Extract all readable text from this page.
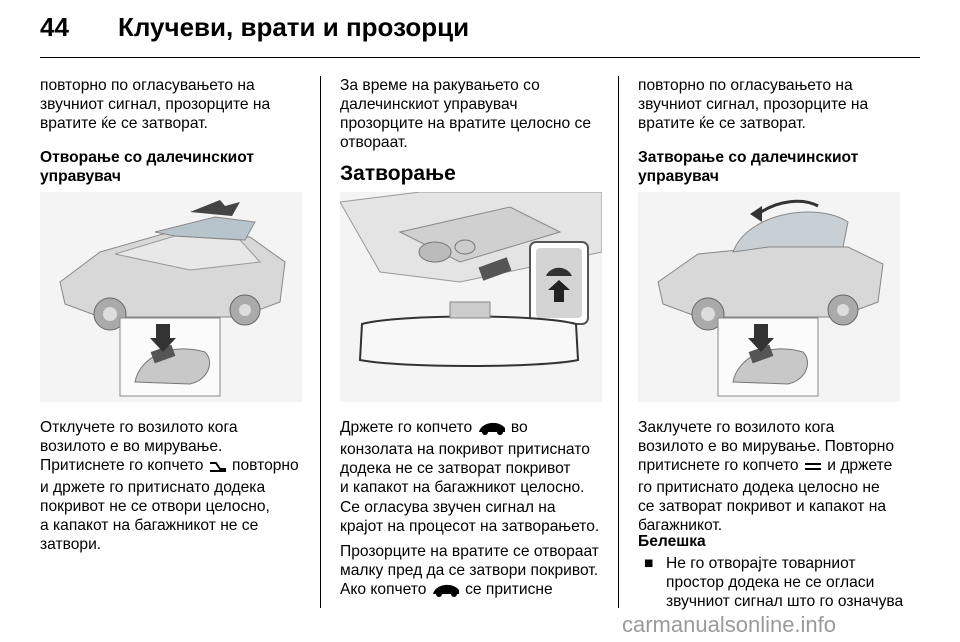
44 Клучеви, врати и прозорци

повторно по огласувањето на
звучниот сигнал, прозорците на
вратите ќе се затворат.

Отворање со далечинскиот
управувач

Отклучете го возилото кога
возилото е во мирување.
Притиснете го копчето  повторно
и држете го притиснато додека
покривот не се отвори целосно,
а капакот на багажникот не се
затвори.

За време на ракувањето со
далечинскиот управувач
прозорците на вратите целосно се
отвораат.

Затворање

Држете го копчето  во
конзолата на покривот притиснато
додека не се затворат покривот
и капакот на багажникот целосно.

Се огласува звучен сигнал на
крајот на процесот на затворањето.

Прозорците на вратите се отвораат
малку пред да се затвори покривот.
Ако копчето  се притисне

повторно по огласувањето на
звучниот сигнал, прозорците на
вратите ќе се затворат.

Затворање со далечинскиот
управувач

Заклучете го возилото кога
возилото е во мирување. Повторно
притиснете го копчето  и држете
го притиснато додека целосно не
се затворат покривот и капакот на
багажникот.

Белешка

■ Не го отворајте товарниот
простор додека не се огласи
звучниот сигнал што го означува
carmanualsonline.info
